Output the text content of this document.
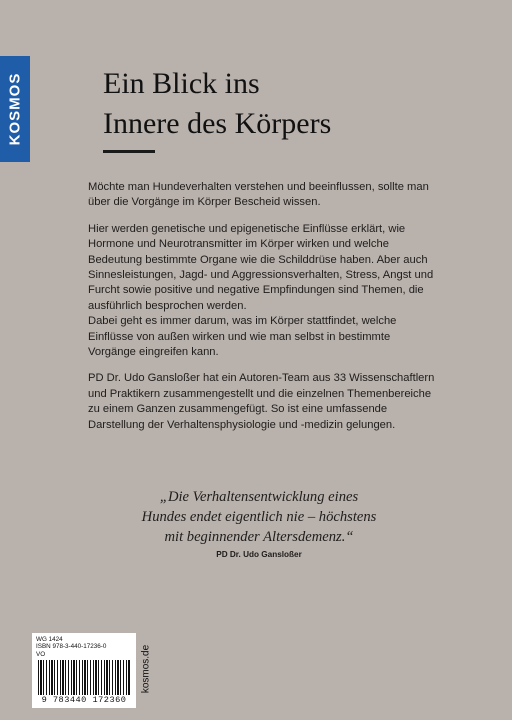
KOSMOS	Ein Blick ins
Innere des Körpers

Möchte man Hundeverhalten verstehen und beeinflussen, sollte man über die Vorgänge im Körper Bescheid wissen.

Hier werden genetische und epigenetische Einflüsse erklärt, wie Hormone und Neurotransmitter im Körper wirken und welche Bedeutung bestimmte Organe wie die Schilddrüse haben. Aber auch Sinnesleistungen, Jagd- und Aggressionsverhalten, Stress, Angst und Furcht sowie positive und negative Empfindungen sind Themen, die ausführlich besprochen werden.

Dabei geht es immer darum, was im Körper stattfindet, welche Einflüsse von außen wirken und wie man selbst in bestimmte Vorgänge eingreifen kann.

PD Dr. Udo Gansloßer hat ein Autoren-Team aus 33 Wissenschaftlern und Praktikern zusammengestellt und die einzelnen Themenbereiche zu einem Ganzen zusammengefügt. So ist eine umfassende Darstellung der Verhaltensphysiologie und -medizin gelungen.

„Die Verhaltensentwicklung eines
Hundes endet eigentlich nie – höchstens
mit beginnender Altersdemenz.“
PD Dr. Udo Gansloßer
WG 1424
ISBN 978-3-440-17236-0
VO
9 783440 172360
kosmos.de
